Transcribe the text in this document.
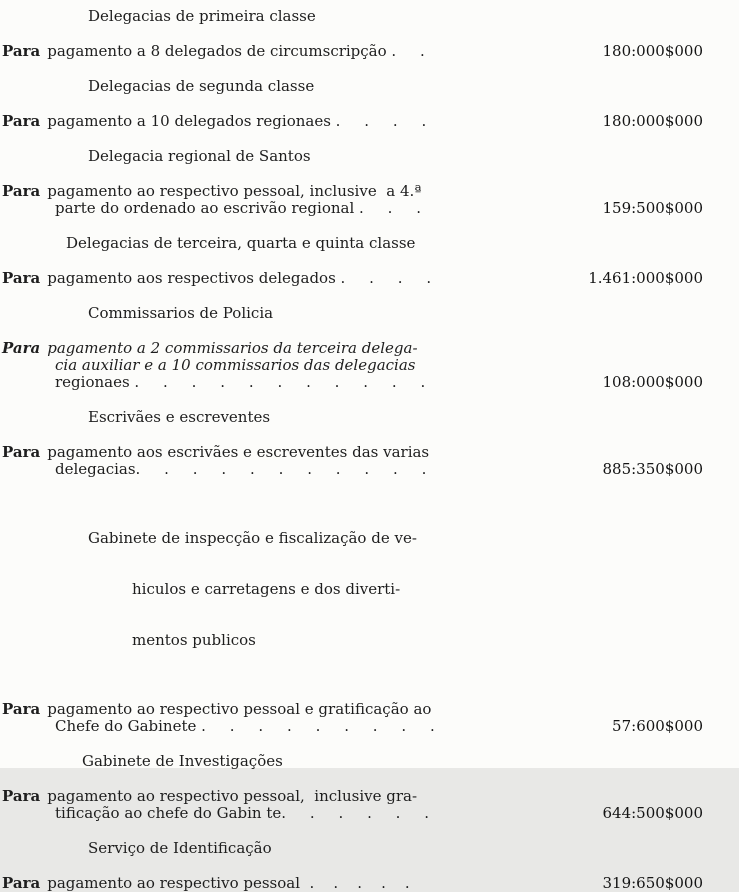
Delegacias de primeira classe
Para pagamento a 8 delegados de circumscripção .     .	180:000$000
Delegacias de segunda classe
Para pagamento a 10 delegados regionaes .     .     .     .	180:000$000
Delegacia regional de Santos
Para pagamento ao respectivo pessoal, inclusive  a 4.ª
parte do ordenado ao escrivão regional .     .     .	159:500$000
Delegacias de terceira, quarta e quinta classe
Para pagamento aos respectivos delegados .     .     .     .	1.461:000$000
Commissarios de Policia
Para pagamento a 2 commissarios da terceira delega-
cia auxiliar e a 10 commissarios das delegacias
regionaes .     .     .     .     .     .     .     .     .     .     .	108:000$000
Escrivães e escreventes
Para pagamento aos escrivães e escreventes das varias
delegacias.     .     .     .     .     .     .     .     .     .     .	885:350$000

Gabinete de inspecção e fiscalização de ve-

hiculos e carretagens e dos diverti-

mentos publicos

Para pagamento ao respectivo pessoal e gratificação ao
Chefe do Gabinete .     .     .     .     .     .     .     .     .	57:600$000
Gabinete de Investigações
Para pagamento ao respectivo pessoal,  inclusive gra-
tificação ao chefe do Gabin te.     .     .     .     .     .	644:500$000
Serviço de Identificação
Para pagamento ao respectivo pessoal  .    .    .    .    .	319:650$000
